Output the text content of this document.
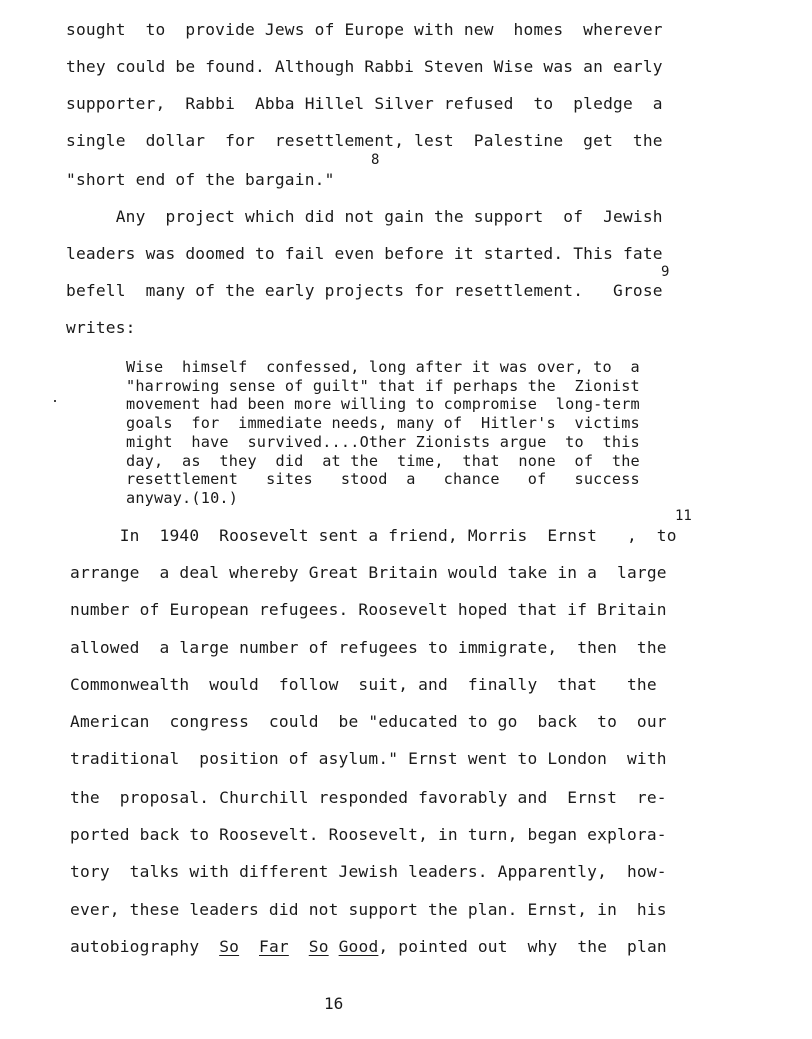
sought  to  provide Jews of Europe with new  homes  wherever
they could be found. Although Rabbi Steven Wise was an early
supporter,  Rabbi  Abba Hillel Silver refused  to  pledge  a
single  dollar  for  resettlement, lest  Palestine  get  the
8
"short end of the bargain."
Any  project which did not gain the support  of  Jewish
leaders was doomed to fail even before it started. This fate
9
befell  many of the early projects for resettlement.   Grose
writes:
Wise  himself  confessed, long after it was over, to  a
"harrowing sense of guilt" that if perhaps the  Zionist
movement had been more willing to compromise  long-term
goals  for  immediate needs, many of  Hitler's  victims
might  have  survived....Other Zionists argue  to  this
day,  as  they  did  at the  time,  that  none  of  the
resettlement   sites   stood  a   chance   of   success
anyway.(10.)
11
In  1940  Roosevelt sent a friend, Morris  Ernst   ,  to
arrange  a deal whereby Great Britain would take in a  large
number of European refugees. Roosevelt hoped that if Britain
allowed  a large number of refugees to immigrate,  then  the
Commonwealth  would  follow  suit, and  finally  that   the
American  congress  could  be "educated to go  back  to  our
traditional  position of asylum." Ernst went to London  with
the  proposal. Churchill responded favorably and  Ernst  re-
ported back to Roosevelt. Roosevelt, in turn, began explora-
tory  talks with different Jewish leaders. Apparently,  how-
ever, these leaders did not support the plan. Ernst, in  his
autobiography  So Far So Good, pointed out  why  the  plan
16
